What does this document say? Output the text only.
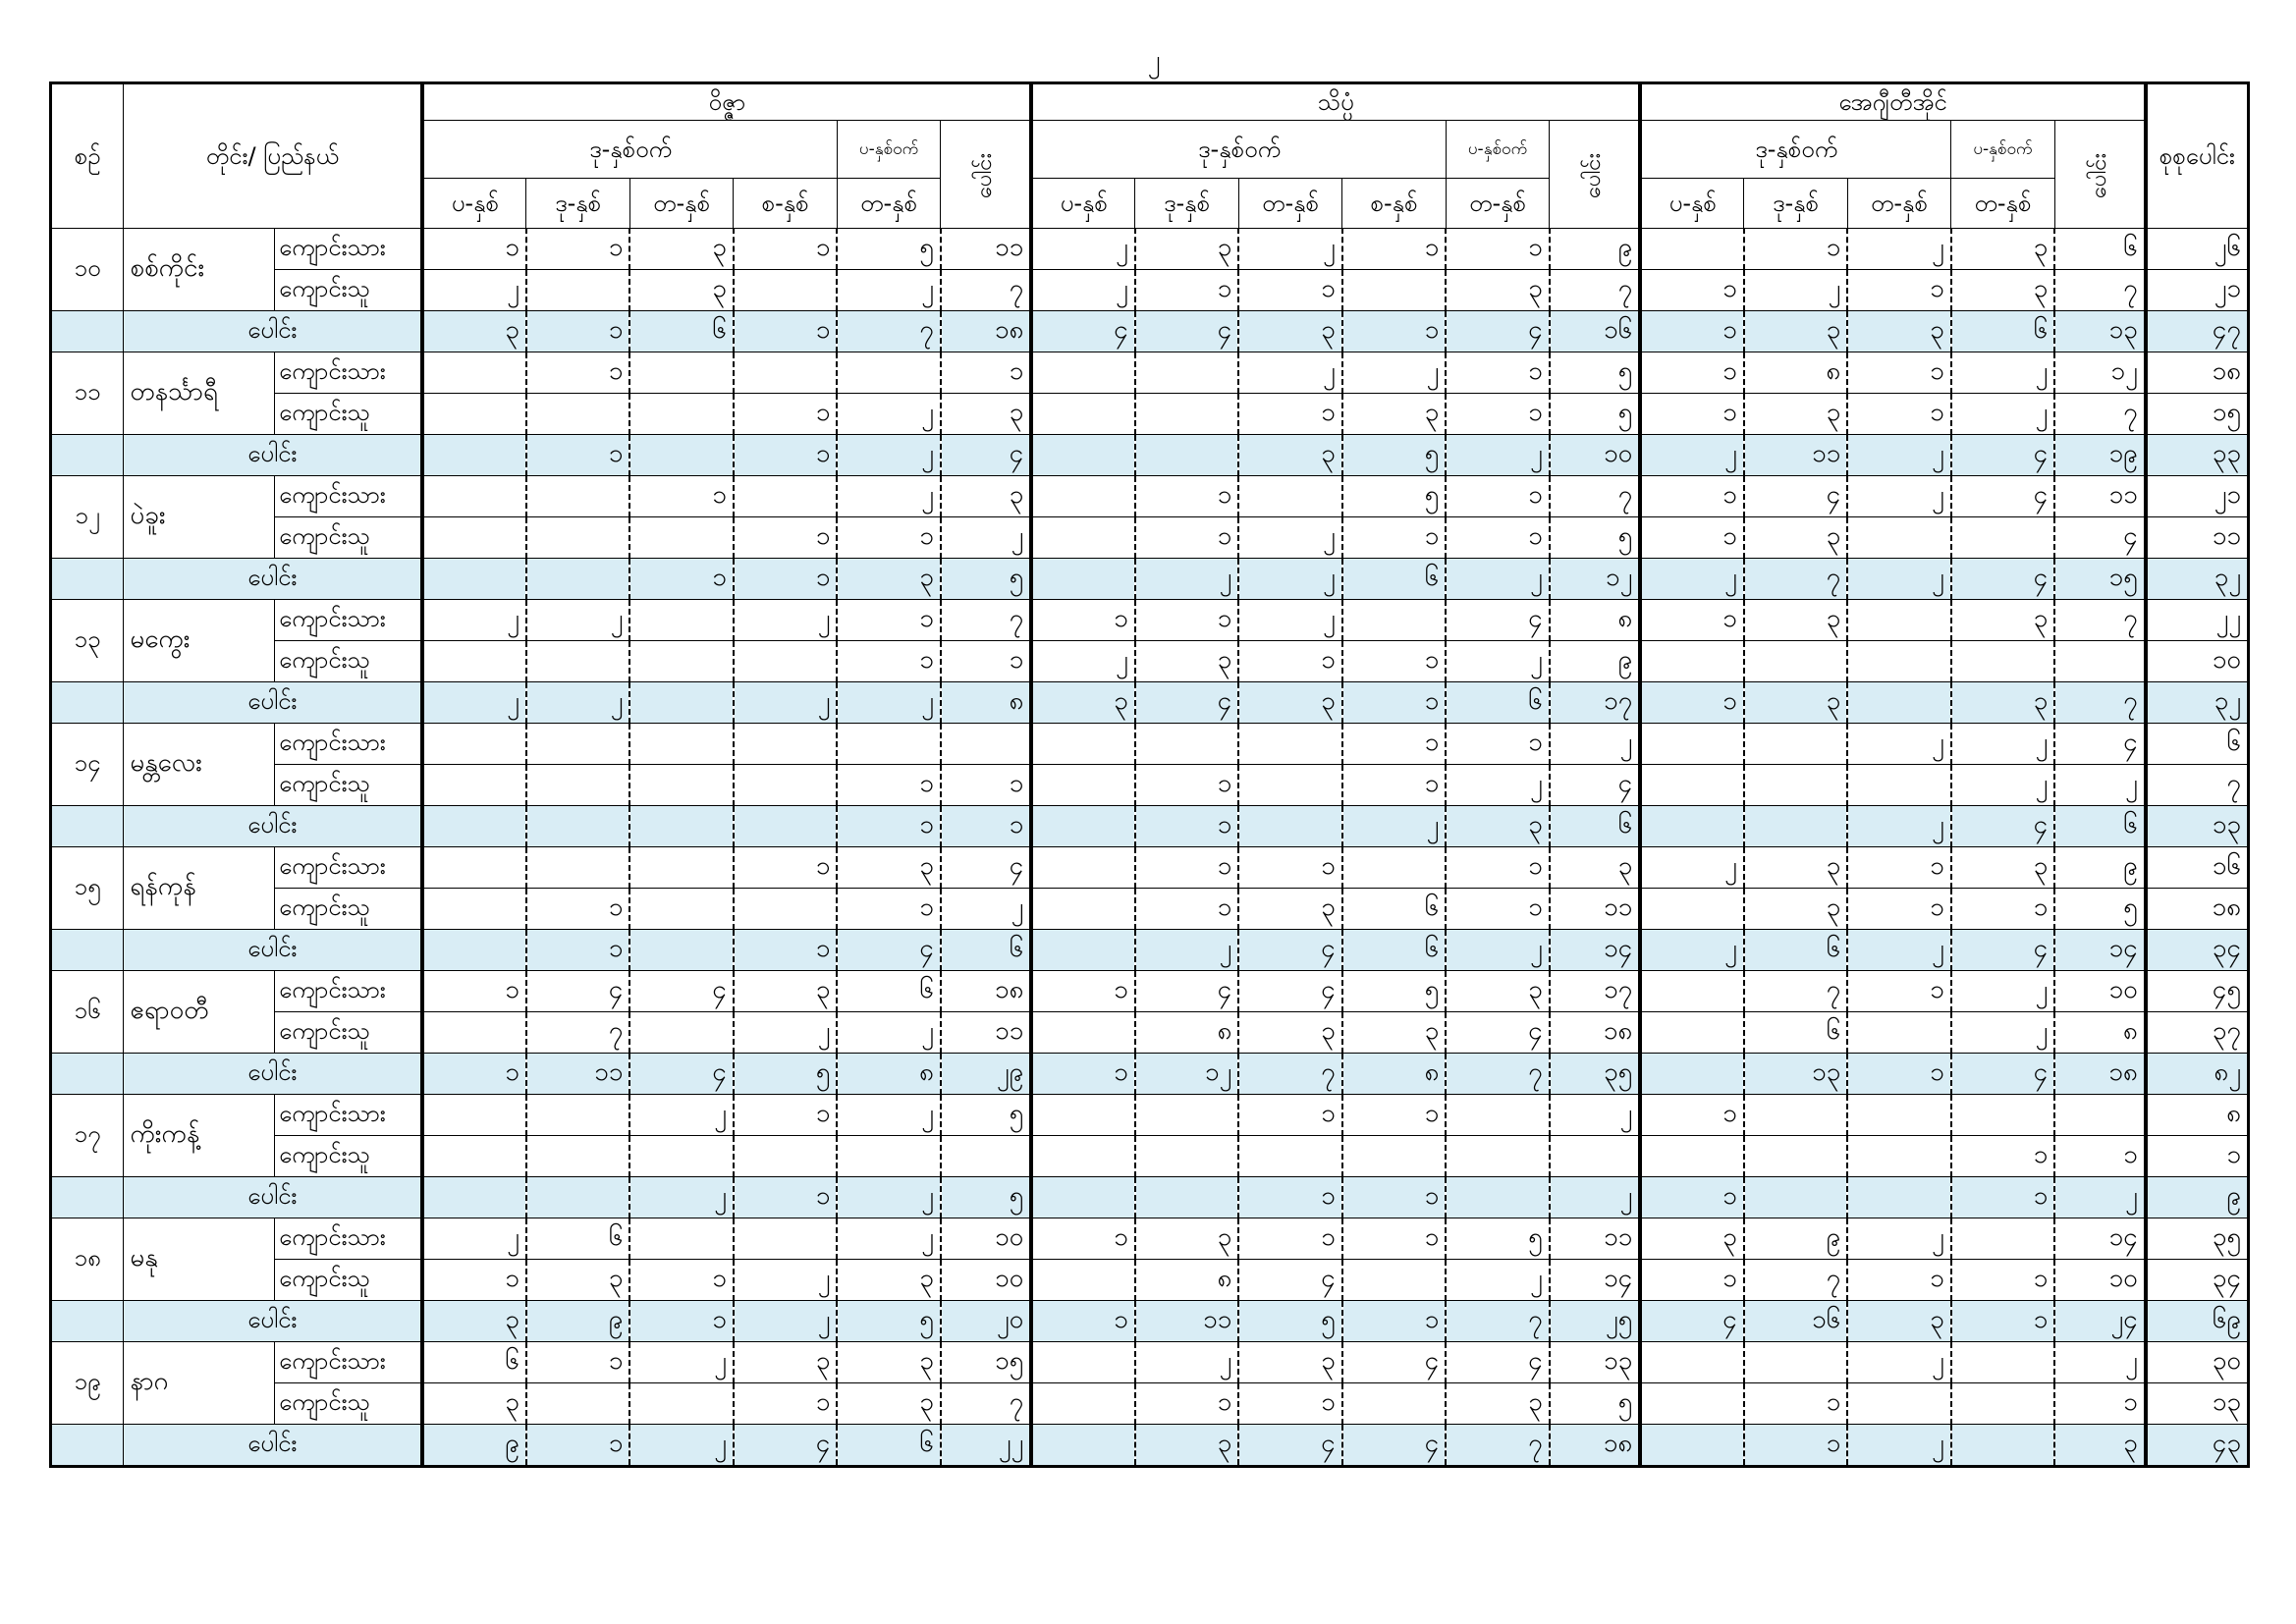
၂
စဉ်	တိုင်း/ ပြည်နယ်		ဝိဇ္ဇာ						သိပ္ပံ						အေဂျီတီအိုင်					စုစုပေါင်း
			ဒု-နှစ်ဝက်				ပ-နှစ်ဝက်	ပေါင်း	ဒု-နှစ်ဝက်				ပ-နှစ်ဝက်	ပေါင်း	ဒု-နှစ်ဝက်			ပ-နှစ်ဝက်	ပေါင်း	
			ပ-နှစ်	ဒု-နှစ်	တ-နှစ်	စ-နှစ်	တ-နှစ်		ပ-နှစ်	ဒု-နှစ်	တ-နှစ်	စ-နှစ်	တ-နှစ်		ပ-နှစ်	ဒု-နှစ်	တ-နှစ်	တ-နှစ်		
၁၀	စစ်ကိုင်း	ကျောင်းသား	၁	၁	၃	၁	၅	၁၁	၂	၃	၂	၁	၁	၉		၁	၂	၃	၆	၂၆
		ကျောင်းသူ	၂		၃		၂	၇	၂	၁	၁		၃	၇	၁	၂	၁	၃	၇	၂၁
	ပေါင်း		၃	၁	၆	၁	၇	၁၈	၄	၄	၃	၁	၄	၁၆	၁	၃	၃	၆	၁၃	၄၇
၁၁	တနင်္သာရီ	ကျောင်းသား		၁				၁			၂	၂	၁	၅	၁	၈	၁	၂	၁၂	၁၈
		ကျောင်းသူ				၁	၂	၃			၁	၃	၁	၅	၁	၃	၁	၂	၇	၁၅
	ပေါင်း			၁		၁	၂	၄			၃	၅	၂	၁၀	၂	၁၁	၂	၄	၁၉	၃၃
၁၂	ပဲခူး	ကျောင်းသား			၁		၂	၃		၁		၅	၁	၇	၁	၄	၂	၄	၁၁	၂၁
		ကျောင်းသူ				၁	၁	၂		၁	၂	၁	၁	၅	၁	၃			၄	၁၁
	ပေါင်း				၁	၁	၃	၅		၂	၂	၆	၂	၁၂	၂	၇	၂	၄	၁၅	၃၂
၁၃	မကွေး	ကျောင်းသား	၂	၂		၂	၁	၇	၁	၁	၂		၄	၈	၁	၃		၃	၇	၂၂
		ကျောင်းသူ					၁	၁	၂	၃	၁	၁	၂	၉						၁၀
	ပေါင်း		၂	၂		၂	၂	၈	၃	၄	၃	၁	၆	၁၇	၁	၃		၃	၇	၃၂
၁၄	မန္တလေး	ကျောင်းသား										၁	၁	၂			၂	၂	၄	၆
		ကျောင်းသူ					၁	၁		၁		၁	၂	၄				၂	၂	၇
	ပေါင်း						၁	၁		၁		၂	၃	၆			၂	၄	၆	၁၃
၁၅	ရန်ကုန်	ကျောင်းသား				၁	၃	၄		၁	၁		၁	၃	၂	၃	၁	၃	၉	၁၆
		ကျောင်းသူ		၁			၁	၂		၁	၃	၆	၁	၁၁		၃	၁	၁	၅	၁၈
	ပေါင်း			၁		၁	၄	၆		၂	၄	၆	၂	၁၄	၂	၆	၂	၄	၁၄	၃၄
၁၆	ဧရာဝတီ	ကျောင်းသား	၁	၄	၄	၃	၆	၁၈	၁	၄	၄	၅	၃	၁၇		၇	၁	၂	၁၀	၄၅
		ကျောင်းသူ		၇		၂	၂	၁၁		၈	၃	၃	၄	၁၈		၆		၂	၈	၃၇
	ပေါင်း		၁	၁၁	၄	၅	၈	၂၉	၁	၁၂	၇	၈	၇	၃၅		၁၃	၁	၄	၁၈	၈၂
၁၇	ကိုးကန့်	ကျောင်းသား			၂	၁	၂	၅			၁	၁		၂	၁					၈
		ကျောင်းသူ																၁	၁	၁
	ပေါင်း				၂	၁	၂	၅			၁	၁		၂	၁			၁	၂	၉
၁၈	မနု	ကျောင်းသား	၂	၆			၂	၁၀	၁	၃	၁	၁	၅	၁၁	၃	၉	၂		၁၄	၃၅
		ကျောင်းသူ	၁	၃	၁	၂	၃	၁၀		၈	၄		၂	၁၄	၁	၇	၁	၁	၁၀	၃၄
	ပေါင်း		၃	၉	၁	၂	၅	၂၀	၁	၁၁	၅	၁	၇	၂၅	၄	၁၆	၃	၁	၂၄	၆၉
၁၉	နာဂ	ကျောင်းသား	၆	၁	၂	၃	၃	၁၅		၂	၃	၄	၄	၁၃			၂		၂	၃၀
		ကျောင်းသူ	၃			၁	၃	၇		၁	၁		၃	၅		၁			၁	၁၃
	ပေါင်း		၉	၁	၂	၄	၆	၂၂		၃	၄	၄	၇	၁၈		၁	၂		၃	၄၃
